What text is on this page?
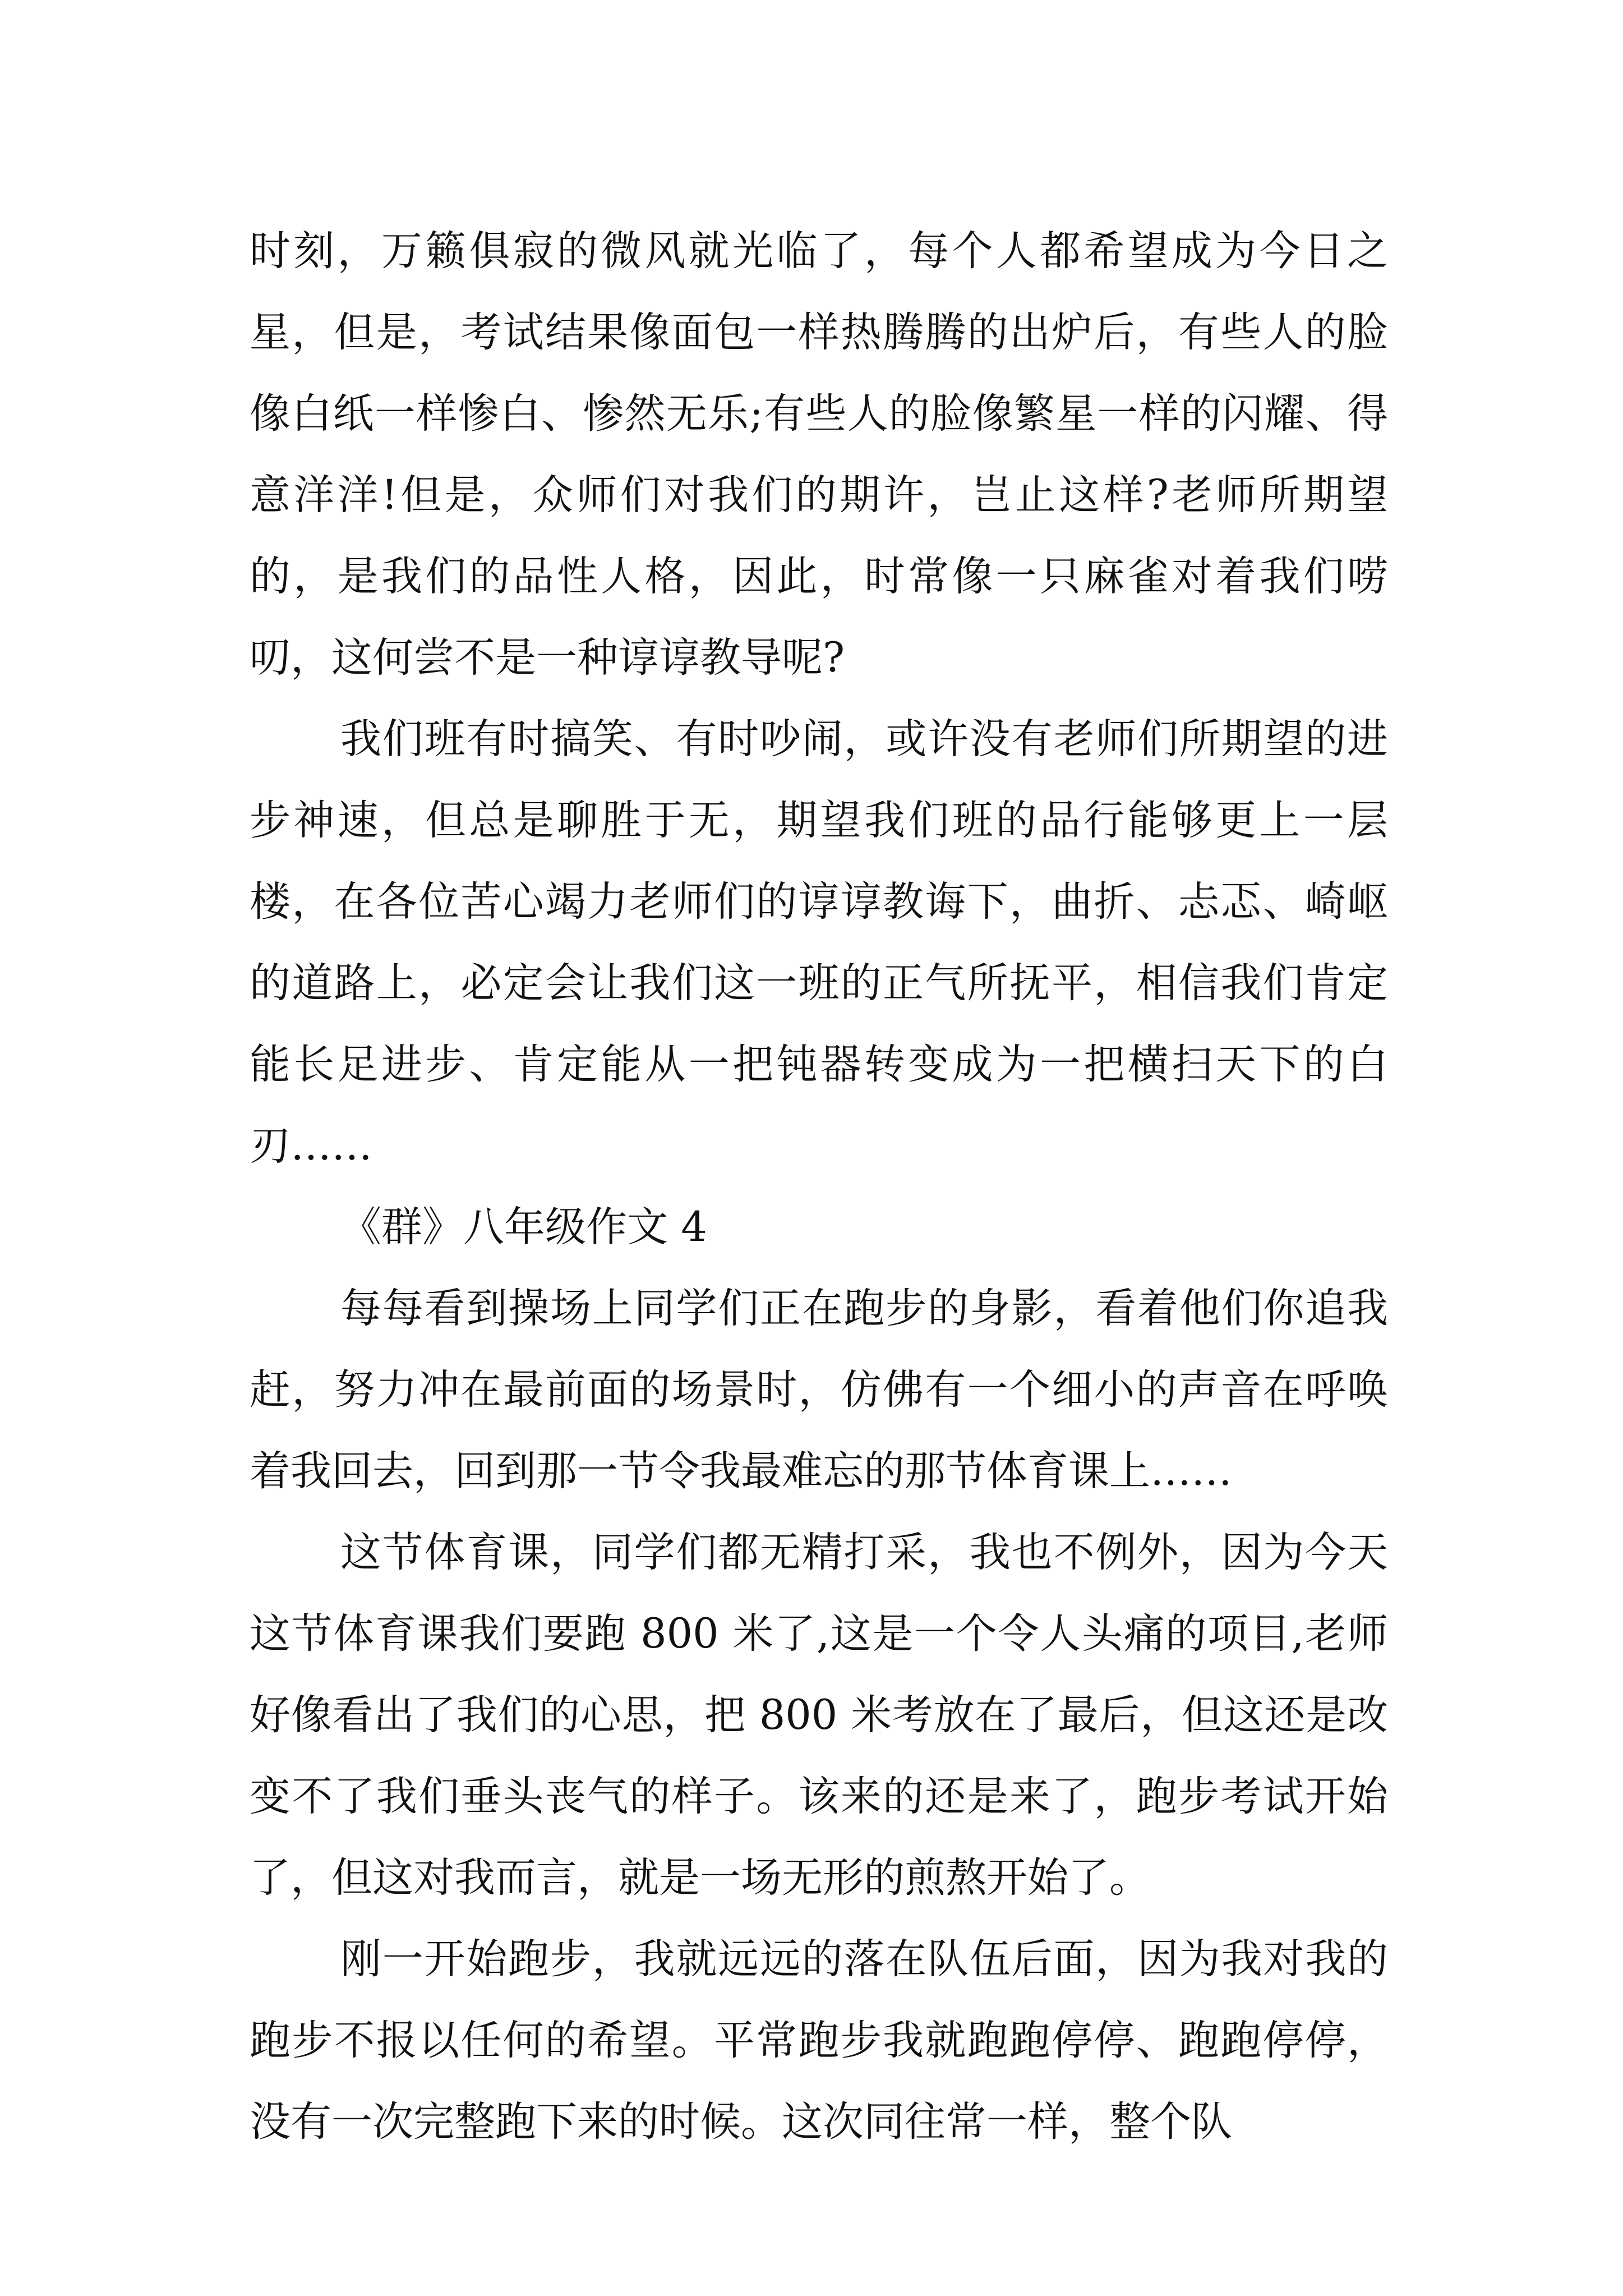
时刻，万籁俱寂的微风就光临了，每个人都希望成为今日之星，但是，考试结果像面包一样热腾腾的出炉后，有些人的脸像白纸一样惨白、惨然无乐;有些人的脸像繁星一样的闪耀、得意洋洋!但是，众师们对我们的期许，岂止这样?老师所期望的，是我们的品性人格，因此，时常像一只麻雀对着我们唠叨，这何尝不是一种谆谆教导呢?

我们班有时搞笑、有时吵闹，或许没有老师们所期望的进步神速，但总是聊胜于无，期望我们班的品行能够更上一层楼，在各位苦心竭力老师们的谆谆教诲下，曲折、忐忑、崎岖的道路上，必定会让我们这一班的正气所抚平，相信我们肯定能长足进步、肯定能从一把钝器转变成为一把横扫天下的白刃……

《群》八年级作文 4

每每看到操场上同学们正在跑步的身影，看着他们你追我赶，努力冲在最前面的场景时，仿佛有一个细小的声音在呼唤着我回去，回到那一节令我最难忘的那节体育课上……

这节体育课，同学们都无精打采，我也不例外，因为今天这节体育课我们要跑 800 米了,这是一个令人头痛的项目,老师好像看出了我们的心思，把 800 米考放在了最后，但这还是改变不了我们垂头丧气的样子。该来的还是来了，跑步考试开始了，但这对我而言，就是一场无形的煎熬开始了。

刚一开始跑步，我就远远的落在队伍后面，因为我对我的跑步不报以任何的希望。平常跑步我就跑跑停停、跑跑停停，没有一次完整跑下来的时候。这次同往常一样，整个队
